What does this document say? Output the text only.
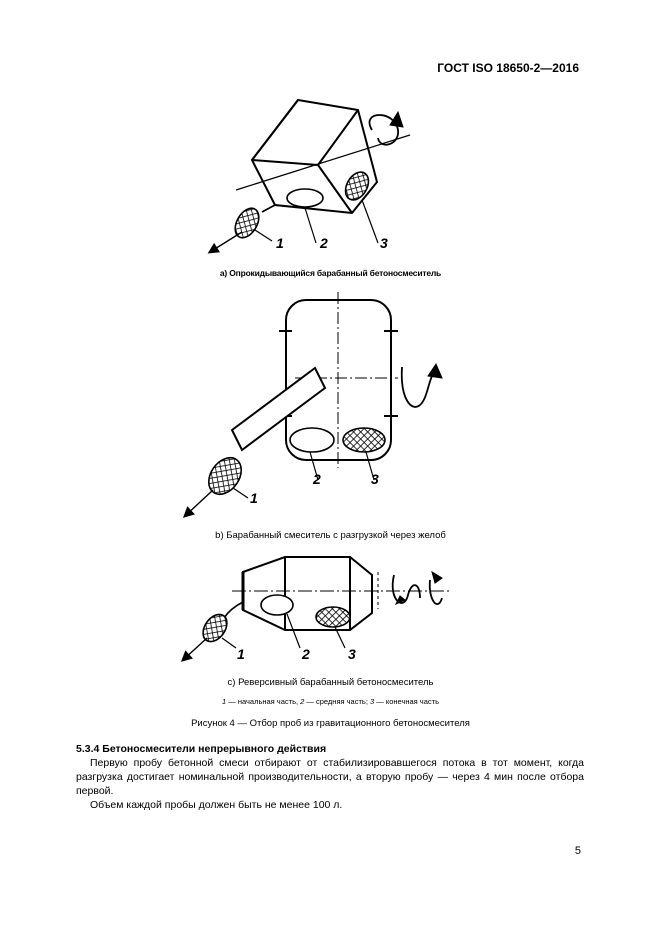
ГОСТ ISO 18650-2—2016
1	2	3
a) Опрокидывающийся барабанный бетоносмеситель
1
2	3
b) Барабанный смеситель с разгрузкой через желоб
1	2	3
с) Реверсивный барабанный бетоносмеситель
1 — начальная часть, 2 — средняя часть; 3 — конечная часть
Рисунок 4 — Отбор проб из гравитационного бетоносмесителя
5.3.4 Бетоносмесители непрерывного действия

Первую пробу бетонной смеси отбирают от стабилизировавшегося потока в тот момент, когда разгрузка достигает номинальной производительности, а вторую пробу — через 4 мин после отбора первой.

Объем каждой пробы должен быть не менее 100 л.

5
